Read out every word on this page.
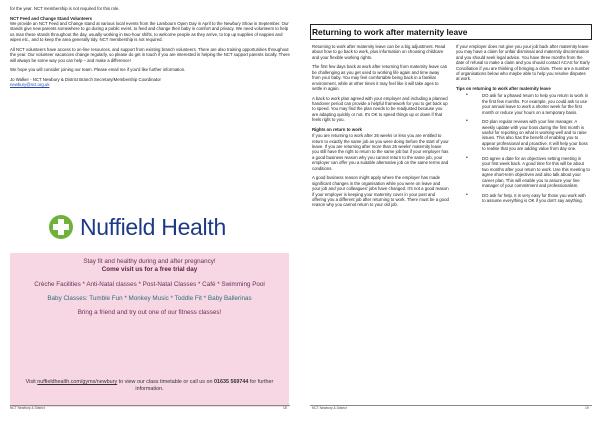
for the year. NCT membership is not required for this role.

NCT Feed and Change Stand Volunteers

We provide an NCT Feed and Change stand at various local events from the Lambourn Open Day in April to the Newbury Show in September. Our stands give new parents somewhere to go during a public event, to feed and change their baby in comfort and privacy. We need volunteers to help us man these stands throughout the day, usually working in two-hour shifts, to welcome people as they arrive, to top up supplies of nappies and wipes etc., and to keep the area generally tidy. NCT membership is not required.

All NCT volunteers have access to on-line resources, and support from existing branch volunteers. There are also training opportunities throughout the year. Our volunteer vacancies change regularly, so please do get in touch if you are interested in helping the NCT support parents locally. There will always be some way you can help – and make a difference!

We hope you will consider joining our team. Please email me if you'd like further information.

Jo Walker - NCT Newbury & District Branch Secretary/Membership Coordinator

newbury@nct.org.uk

Nuffield Health

Stay fit and healthy during and after pregnancy!

Come visit us for a free trial day

Crèche Facilities * Anti-Natal classes * Post-Natal Classes * Café * Swimming Pool

Baby Classes: Tumble Fun * Monkey Music * Toddle Fit * Baby Ballerinas

Bring a friend and try out one of our fitness classes!

Visit nuffieldhealth.com/gyms/newbury to view our class timetable or call us on 01635 569744 for further information.

NCT Newbury & District	18
Returning to work after maternity leave

Returning to work after maternity leave can be a big adjustment. Read about how to go back to work, plus information on choosing childcare and your flexible working rights.

The first few days back at work after returning from maternity leave can be challenging as you get used to working life again and time away from your baby. You may feel comfortable being back in a familiar environment, while at other times it may feel like it will take ages to settle in again.

A back to work plan agreed with your employer and including a planned handover period can provide a helpful framework for you to get back up to speed. You may find the plan needs to be readjusted because you are adapting quickly or not. It's OK to speed things up or down if that feels right to you.

Rights on return to work

If you are returning to work after 26 weeks or less you are entitled to return to exactly the same job as you were doing before the start of your leave. If you are returning after more than 26 weeks' maternity leave you still have the right to return to the same job but if your employer has a good business reason why you cannot return to the same job, your employer can offer you a suitable alternative job on the same terms and conditions.

A good business reason might apply where the employer has made significant changes in the organisation while you were on leave and your job and your colleagues' jobs have changed. It's not a good reason if your employer is keeping your maternity cover in your post and offering you a different job after returning to work. There must be a good reason why you cannot return to your old job.

If your employer does not give you your job back after maternity leave you may have a claim for unfair dismissal and maternity discrimination and you should seek legal advice. You have three months from the date of refusal to make a claim and you should contact ACAS for Early Conciliation if you are thinking of bringing a claim. There are a number of organisations below who maybe able to help you resolve disputes at work.

Tips on returning to work after maternity leave

• DO ask for a phased return to help you return to work in the first few months. For example, you could ask to use your annual leave to work a shorter week for the first month or reduce your hours on a temporary basis.
• DO plan regular reviews with your line manager. A weekly update with your boss during the first month is useful for reporting on what is working well and to raise issues. This also has the benefit of enabling you to appear professional and proactive. It will help your boss to realise that you are adding value from day one.
• DO agree a date for an objectives setting meeting in your first week back. A good time for this will be about two months after your return to work. Use this meeting to agree short-term objectives and also talk about your career plan. This will enable you to assure your line manager of your commitment and professionalism.
• DO ask for help. It is very easy for those you work with to assume everything is OK if you don't say anything.
NCT Newbury & District	19
